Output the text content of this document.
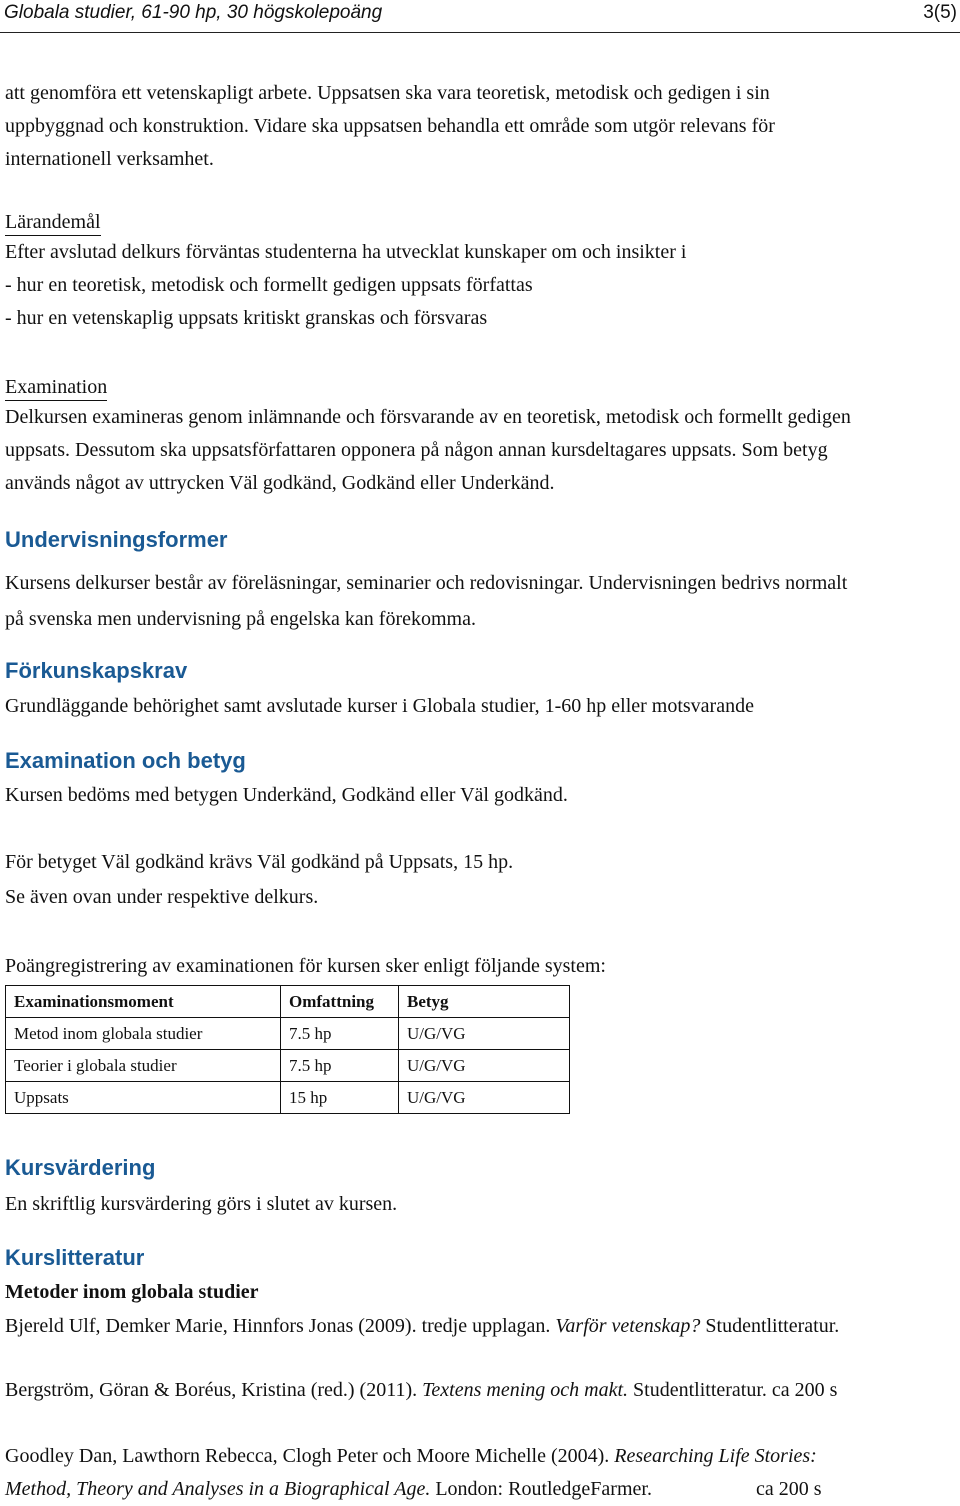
Globala studier, 61-90 hp, 30 högskolepoäng	3(5)

att genomföra ett vetenskapligt arbete. Uppsatsen ska vara teoretisk, metodisk och gedigen i sin

uppbyggnad och konstruktion. Vidare ska uppsatsen behandla ett område som utgör relevans för

internationell verksamhet.

Lärandemål

Efter avslutad delkurs förväntas studenterna ha utvecklat kunskaper om och insikter i

- hur en teoretisk, metodisk och formellt gedigen uppsats författas

- hur en vetenskaplig uppsats kritiskt granskas och försvaras

Examination

Delkursen examineras genom inlämnande och försvarande av en teoretisk, metodisk och formellt gedigen

uppsats. Dessutom ska uppsatsförfattaren opponera på någon annan kursdeltagares uppsats. Som betyg

används något av uttrycken Väl godkänd, Godkänd eller Underkänd.

Undervisningsformer

Kursens delkurser består av föreläsningar, seminarier och redovisningar. Undervisningen bedrivs normalt

på svenska men undervisning på engelska kan förekomma.

Förkunskapskrav

Grundläggande behörighet samt avslutade kurser i Globala studier, 1-60 hp eller motsvarande

Examination och betyg

Kursen bedöms med betygen Underkänd, Godkänd eller Väl godkänd.

För betyget Väl godkänd krävs Väl godkänd på Uppsats, 15 hp.

Se även ovan under respektive delkurs.

Poängregistrering av examinationen för kursen sker enligt följande system:

Examinationsmoment	Omfattning	Betyg
Metod inom globala studier	7.5 hp	U/G/VG
Teorier i globala studier	7.5 hp	U/G/VG
Uppsats	15 hp	U/G/VG
Kursvärdering

En skriftlig kursvärdering görs i slutet av kursen.

Kurslitteratur

Metoder inom globala studier

Bjereld Ulf, Demker Marie, Hinnfors Jonas (2009). tredje upplagan. Varför vetenskap? Studentlitteratur.

Bergström, Göran & Boréus, Kristina (red.) (2011). Textens mening och makt. Studentlitteratur. ca 200 s

Goodley Dan, Lawthorn Rebecca, Clogh Peter och Moore Michelle (2004). Researching Life Stories:

Method, Theory and Analyses in a Biographical Age. London: RoutledgeFarmer.	ca 200 s
